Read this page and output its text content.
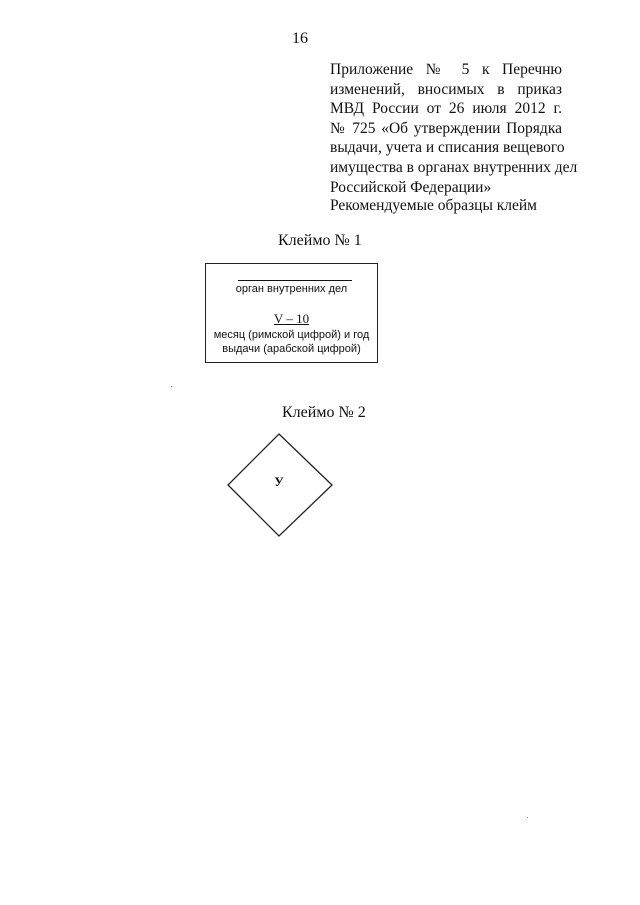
16
Приложение № 5 к Перечню
изменений, вносимых в приказ
МВД России от 26 июля 2012 г.
№ 725 «Об утверждении Порядка
выдачи, учета и списания вещевого
имущества в органах внутренних дел
Российской Федерации»
Рекомендуемые образцы клейм
Клеймо № 1
орган внутренних дел
V – 10
месяц (римской цифрой) и год
выдачи (арабской цифрой)
Клеймо № 2
У
